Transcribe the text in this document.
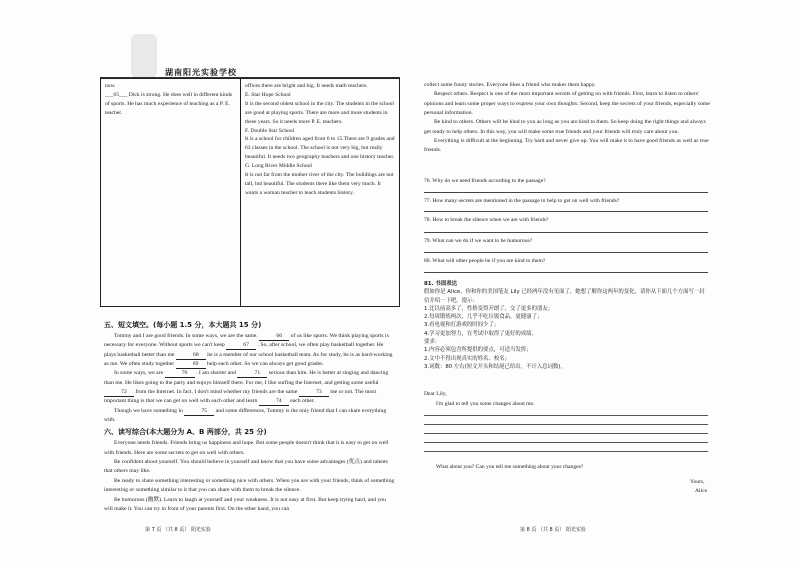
湖南阳光实验学校

now.

___65___ Dick is strong. He does well in different kinds of sports. He has much experience of teaching as a P. E. teacher.

offices there are bright and big. It needs math teachers.

E. Star Hope School

It is the second oldest school in the city. The students in the school are good at playing sports. There are more and more students in these years. So it needs more P. E. teachers.

F. Double Star School

It is a school for children aged from 6 to 15.There are 9 grades and 63 classes in the school. The school is not very big, but really beautiful. It needs two geography teachers and one history teacher.

G. Long River Middle School

It is not far from the mother river of the city. The buildings are not tall, but beautiful. The students there like them very much. It wants a woman teacher to teach students history.

五、短文填空。(每小题 1.5 分，本大题共 15 分)

Tommy and I are good friends. In some ways, we are the same.	66 of us like sports. We think playing sports is necessary for everyone. Without sports we can't keep	67 . So, after school, we often play basketball together. He plays basketball better than me	68 he is a member of our school basketball team. As for study, he is as hard-working as me. We often study together	69 help each other. So we can always get good grades.

In some ways, we are	70 . I am shorter and	71 serious than him. He is better at singing and dancing than me. He likes going to the party and enjoys himself there. For me, I like surfing the Internet, and getting some useful 72 from the Internet. In fact, I don't mind whether my friends are the same	73 me or not. The most important thing is that we can get on well with each other and learn	74 each other.

Though we have something in	75 and some differences, Tommy is the only friend that I can share everything with.

六、读写综合(本大题分为 A、B 两部分，共 25 分)

Everyone needs friends. Friends bring us happiness and hope. But some people doesn't think that it is easy to get on well with friends. Here are some secrets to get on well with others.

Be confident about yourself. You should believe in yourself and know that you have some advantages (优点) and talents that others may like.

Be ready to share something interesting or something nice with others. When you are with your friends, think of something interesting or something similar to it that you can share with them to break the silence.

Be humorous (幽默). Learn to laugh at yourself and your weakness. It is not easy at first. But keep trying hard, and you will make it. You can try in front of your parents first. On the other hand, you can

第 7 页 （共 8 页） 阳光实验

collect some funny stories. Everyone likes a friend who makes them happy.

Respect others. Respect is one of the most important secrets of getting on with friends. First, learn to listen to others' opinions and learn some proper ways to express your own thoughts. Second, keep the secrets of your friends, especially some personal information.

Be kind to others. Others will be kind to you as long as you are kind to them. So keep doing the right things and always get ready to help others. In this way, you will make some true friends and your friends will truly care about you.

Everything is difficult at the beginning. Try hard and never give up. You will make it to have good friends as well as true friends.

76. Why do we need friends according to the passage?
77. How many secrets are mentioned in the passage to help to get on well with friends?
78. How to break the silence when we are with friends?
79. What can we do if we want to be humorous?
80. What will other people be if you are kind to them?

81. 书面表达

假如你是 Alice，你和你的美国笔友 Lily 已经两年没有见面了，她想了解你这两年的变化，请你从下面几个方面写一封信介绍一下吧。提示：

1.比以前高多了，性格变得开朗了，交了更多的朋友；

2.每周锻炼两次，几乎不吃垃圾食品，更健康了；

3.看电视和打游戏的时间少了；

4.学习更加努力，在考试中取得了更好的成绩。

要求：

1.内容必须包含所提供的要点，可适当发挥；

2.文中不得出现真实的姓名、校名；

3.词数：80 左右(短文开头和结尾已给出，不计入总词数)。

Dear Lily,
I'm glad to tell you some changes about me.
What about you? Can you tell me something about your changes?
Yours,
Alice
第 8 页 （共 8 页） 阳光实验
